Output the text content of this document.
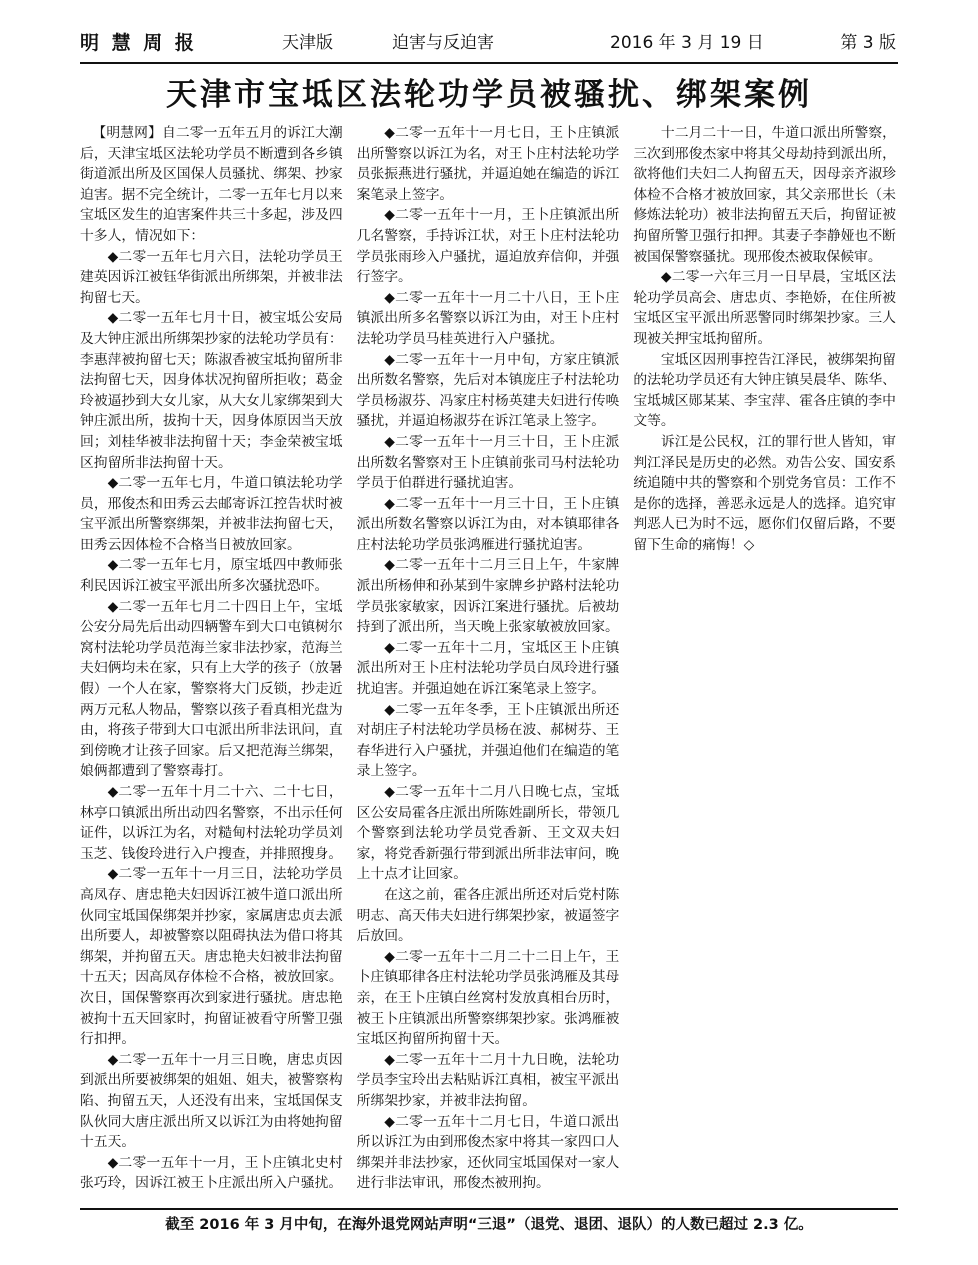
明 慧 周 报	天津版	迫害与反迫害	2016 年 3 月 19 日	第 3 版
天津市宝坻区法轮功学员被骚扰、绑架案例

【明慧网】自二零一五年五月的诉江大潮后，天津宝坻区法轮功学员不断遭到各乡镇街道派出所及区国保人员骚扰、绑架、抄家迫害。据不完全统计，二零一五年七月以来宝坻区发生的迫害案件共三十多起，涉及四十多人，情况如下：

◆二零一五年七月六日，法轮功学员王建英因诉江被钰华街派出所绑架，并被非法拘留七天。

◆二零一五年七月十日，被宝坻公安局及大钟庄派出所绑架抄家的法轮功学员有：李惠萍被拘留七天；陈淑香被宝坻拘留所非法拘留七天，因身体状况拘留所拒收；葛金玲被逼抄到大女儿家，从大女儿家绑架到大钟庄派出所，拔拘十天，因身体原因当天放回；刘桂华被非法拘留十天；李金荣被宝坻区拘留所非法拘留十天。

◆二零一五年七月，牛道口镇法轮功学员，邢俊杰和田秀云去邮寄诉江控告状时被宝平派出所警察绑架，并被非法拘留七天，田秀云因体检不合格当日被放回家。

◆二零一五年七月，原宝坻四中教师张利民因诉江被宝平派出所多次骚扰恐吓。

◆二零一五年七月二十四日上午，宝坻公安分局先后出动四辆警车到大口屯镇树尔窝村法轮功学员范海兰家非法抄家，范海兰夫妇俩均未在家，只有上大学的孩子（放暑假）一个人在家，警察将大门反锁，抄走近两万元私人物品，警察以孩子看真相光盘为由，将孩子带到大口屯派出所非法讯问，直到傍晚才让孩子回家。后又把范海兰绑架，娘俩都遭到了警察毒打。

◆二零一五年十月二十六、二十七日，林亭口镇派出所出动四名警察，不出示任何证件，以诉江为名，对糙甸村法轮功学员刘玉芝、钱俊玲进行入户搜查，并排照搜身。

◆二零一五年十一月三日，法轮功学员高凤存、唐忠艳夫妇因诉江被牛道口派出所伙同宝坻国保绑架并抄家，家属唐忠贞去派出所要人，却被警察以阻碍执法为借口将其绑架，并拘留五天。唐忠艳夫妇被非法拘留十五天；因高凤存体检不合格，被放回家。次日，国保警察再次到家进行骚扰。唐忠艳被拘十五天回家时，拘留证被看守所警卫强行扣押。

◆二零一五年十一月三日晚，唐忠贞因到派出所要被绑架的姐姐、姐夫，被警察构陷、拘留五天，人还没有出来，宝坻国保支队伙同大唐庄派出所又以诉江为由将她拘留十五天。

◆二零一五年十一月，王卜庄镇北史村张巧玲，因诉江被王卜庄派出所入户骚扰。

◆二零一五年十一月七日，王卜庄镇派出所警察以诉江为名，对王卜庄村法轮功学员张振燕进行骚扰，并逼迫她在编造的诉江案笔录上签字。

◆二零一五年十一月，王卜庄镇派出所几名警察，手持诉江状，对王卜庄村法轮功学员张雨珍入户骚扰，逼迫放弃信仰，并强行签字。

◆二零一五年十一月二十八日，王卜庄镇派出所多名警察以诉江为由，对王卜庄村法轮功学员马桂英进行入户骚扰。

◆二零一五年十一月中旬，方家庄镇派出所数名警察，先后对本镇庞庄子村法轮功学员杨淑芬、冯家庄村杨英建夫妇进行传唤骚扰，并逼迫杨淑芬在诉江笔录上签字。

◆二零一五年十一月三十日，王卜庄派出所数名警察对王卜庄镇前张司马村法轮功学员于伯群进行骚扰迫害。

◆二零一五年十一月三十日，王卜庄镇派出所数名警察以诉江为由，对本镇耶律各庄村法轮功学员张鸿雁进行骚扰迫害。

◆二零一五年十二月三日上午，牛家牌派出所杨伸和孙某到牛家牌乡护路村法轮功学员张家敏家，因诉江案进行骚扰。后被劫持到了派出所，当天晚上张家敏被放回家。

◆二零一五年十二月，宝坻区王卜庄镇派出所对王卜庄村法轮功学员白凤玲进行骚扰迫害。并强迫她在诉江案笔录上签字。

◆二零一五年冬季，王卜庄镇派出所还对胡庄子村法轮功学员杨在波、郝树芬、王春华进行入户骚扰，并强迫他们在编造的笔录上签字。

◆二零一五年十二月八日晚七点，宝坻区公安局霍各庄派出所陈姓副所长，带领几个警察到法轮功学员党香新、王文双夫妇家，将党香新强行带到派出所非法审问，晚上十点才让回家。

在这之前，霍各庄派出所还对后党村陈明志、高天伟夫妇进行绑架抄家，被逼签字后放回。

◆二零一五年十二月二十二日上午，王卜庄镇耶律各庄村法轮功学员张鸿雁及其母亲，在王卜庄镇白丝窝村发放真相台历时，被王卜庄镇派出所警察绑架抄家。张鸿雁被宝坻区拘留所拘留十天。

◆二零一五年十二月十九日晚，法轮功学员李宝玲出去粘贴诉江真相，被宝平派出所绑架抄家，并被非法拘留。

◆二零一五年十二月七日，牛道口派出所以诉江为由到邢俊杰家中将其一家四口人绑架并非法抄家，还伙同宝坻国保对一家人进行非法审讯，邢俊杰被刑拘。

十二月二十一日，牛道口派出所警察，三次到邢俊杰家中将其父母劫持到派出所，欲将他们夫妇二人拘留五天，因母亲齐淑珍体检不合格才被放回家，其父亲邢世长（未修炼法轮功）被非法拘留五天后，拘留证被拘留所警卫强行扣押。其妻子李静娅也不断被国保警察骚扰。现邢俊杰被取保候审。

◆二零一六年三月一日早晨，宝坻区法轮功学员高会、唐忠贞、李艳娇，在住所被宝坻区宝平派出所恶警同时绑架抄家。三人现被关押宝坻拘留所。

宝坻区因刑事控告江泽民，被绑架拘留的法轮功学员还有大钟庄镇吴晨华、陈华、宝坻城区郧某某、李宝萍、霍各庄镇的李中文等。

诉江是公民权，江的罪行世人皆知，审判江泽民是历史的必然。劝告公安、国安系统追随中共的警察和个别党务官员：工作不是你的选择，善恶永远是人的选择。追究审判恶人已为时不远，愿你们仅留后路，不要留下生命的痛悔！◇

截至 2016 年 3 月中旬，在海外退党网站声明“三退”（退党、退团、退队）的人数已超过 2.3 亿。
